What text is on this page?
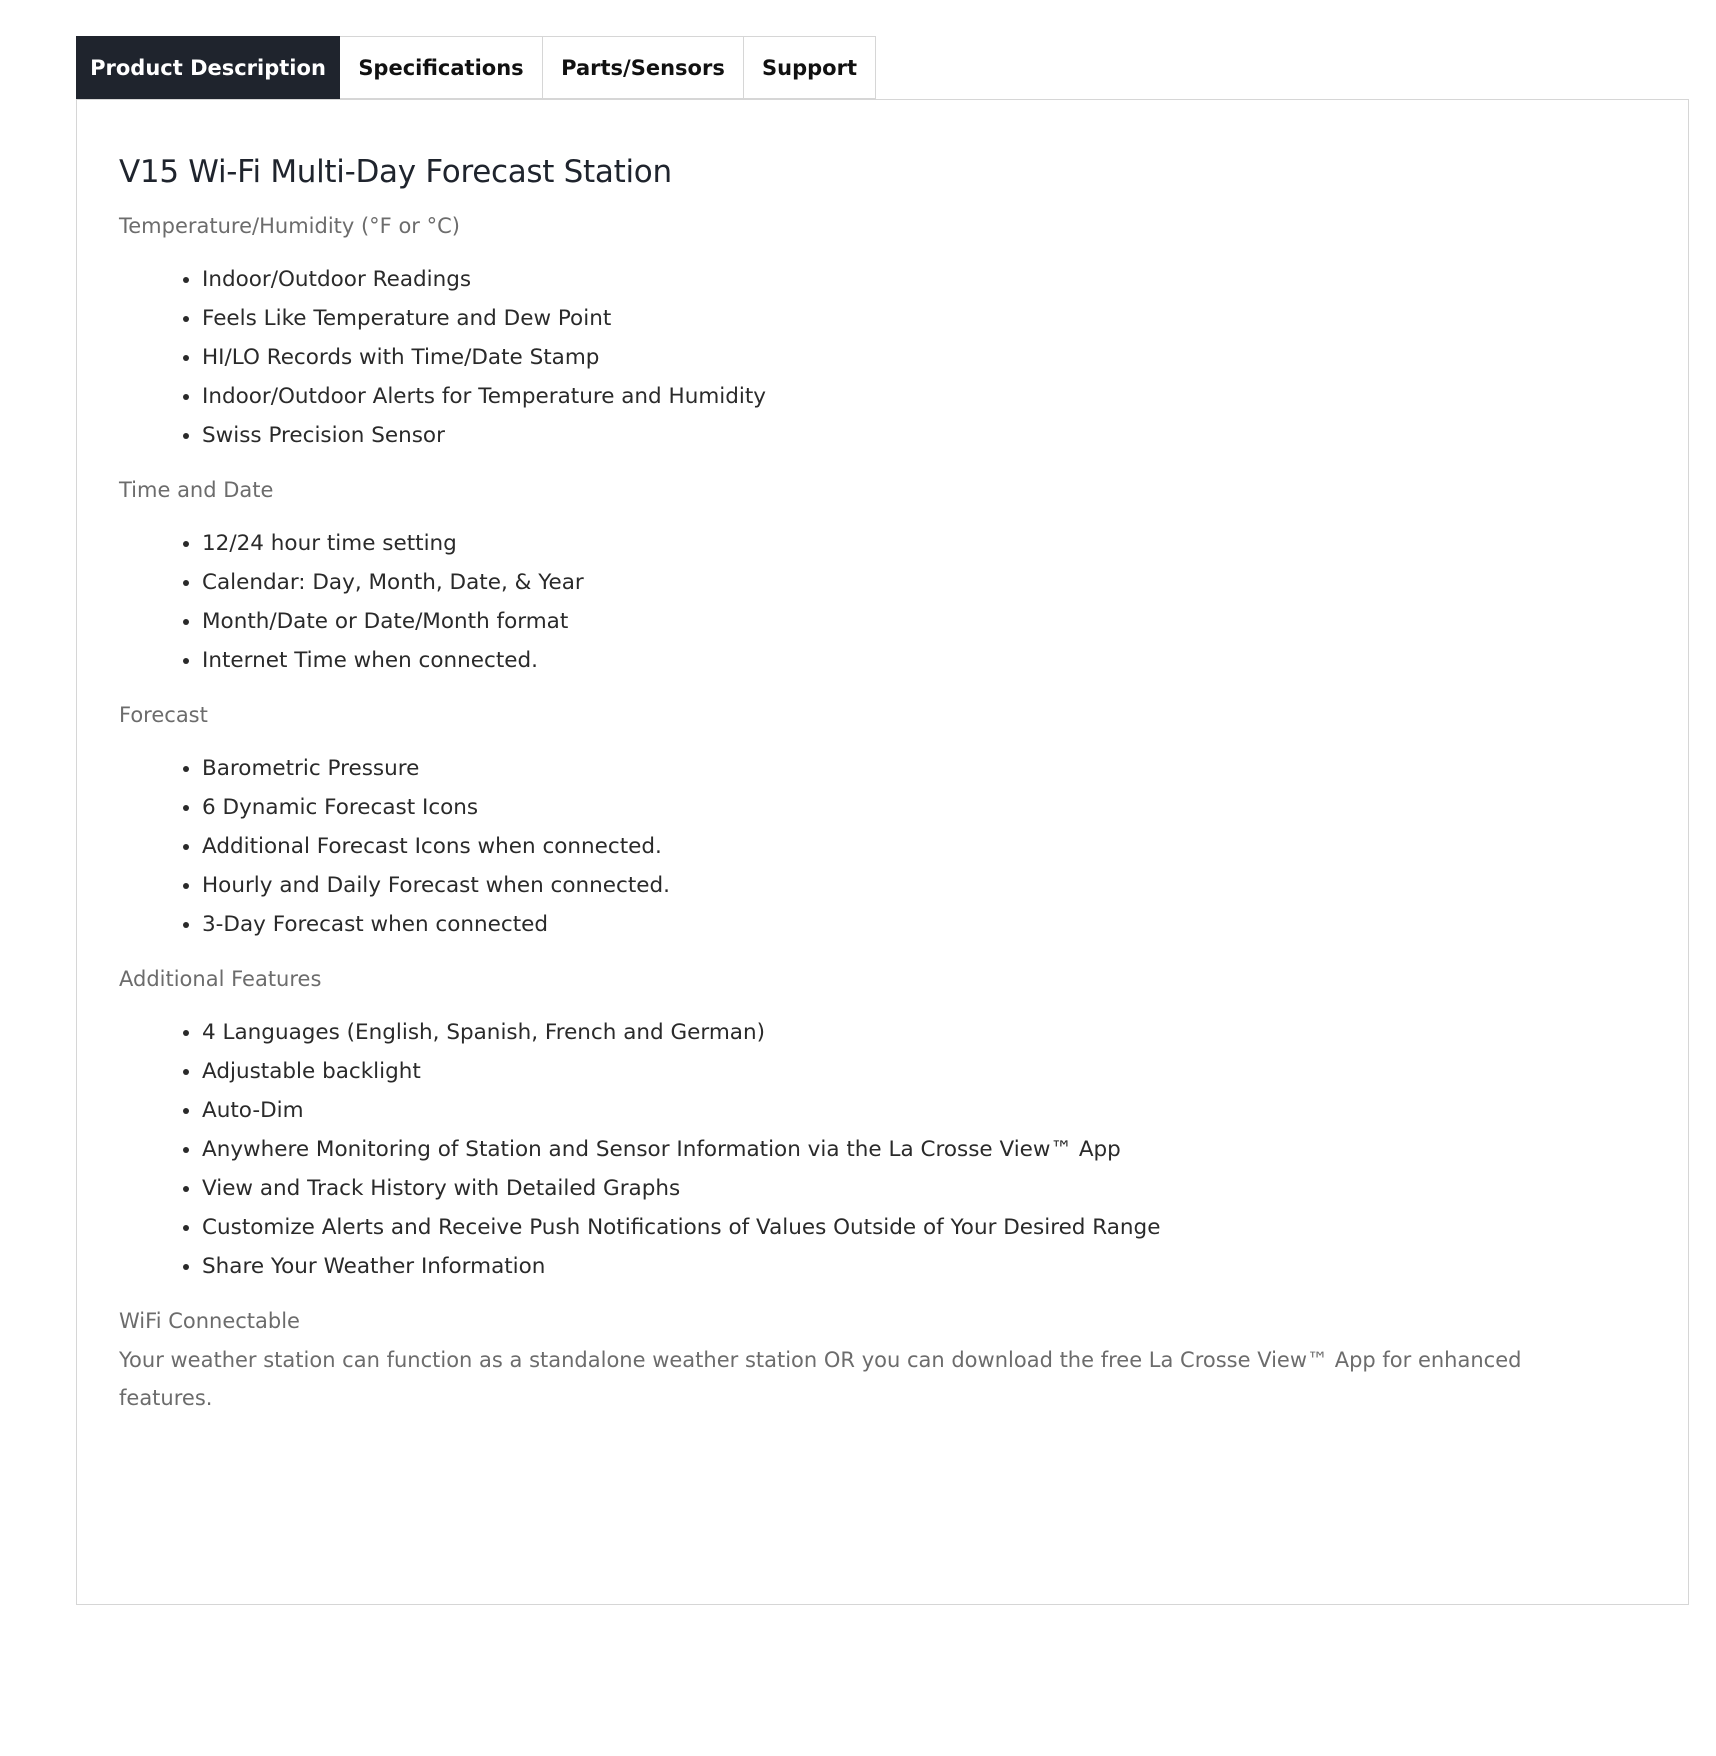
Product Description	Specifications	Parts/Sensors	Support
V15 Wi-Fi Multi-Day Forecast Station

Temperature/Humidity (°F or °C)

• Indoor/Outdoor Readings
• Feels Like Temperature and Dew Point
• HI/LO Records with Time/Date Stamp
• Indoor/Outdoor Alerts for Temperature and Humidity
• Swiss Precision Sensor

Time and Date

• 12/24 hour time setting
• Calendar: Day, Month, Date, & Year
• Month/Date or Date/Month format
• Internet Time when connected.

Forecast

• Barometric Pressure
• 6 Dynamic Forecast Icons
• Additional Forecast Icons when connected.
• Hourly and Daily Forecast when connected.
• 3-Day Forecast when connected

Additional Features

• 4 Languages (English, Spanish, French and German)
• Adjustable backlight
• Auto-Dim
• Anywhere Monitoring of Station and Sensor Information via the La Crosse View™ App
• View and Track History with Detailed Graphs
• Customize Alerts and Receive Push Notifications of Values Outside of Your Desired Range
• Share Your Weather Information

WiFi Connectable

Your weather station can function as a standalone weather station OR you can download the free La Crosse View™ App for enhanced features.
